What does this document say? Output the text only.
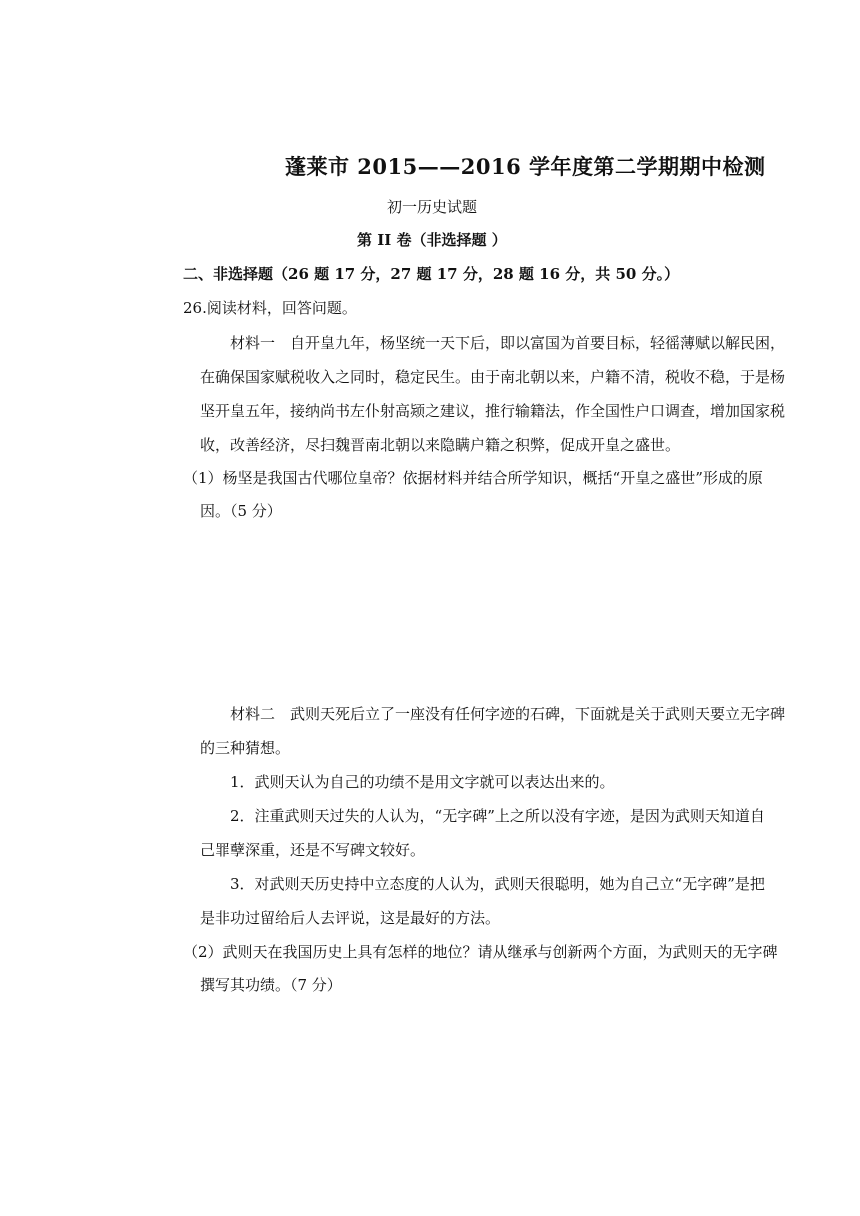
蓬莱市 2015——2016 学年度第二学期期中检测
初一历史试题
第 II 卷（非选择题 ）
二、非选择题（26 题 17 分，27 题 17 分，28 题 16 分，共 50 分。）
26.阅读材料，回答问题。
材料一　自开皇九年，杨坚统一天下后，即以富国为首要目标，轻徭薄赋以解民困，
在确保国家赋税收入之同时，稳定民生。由于南北朝以来，户籍不清，税收不稳，于是杨
坚开皇五年，接纳尚书左仆射高颎之建议，推行输籍法，作全国性户口调查，增加国家税
收，改善经济，尽扫魏晋南北朝以来隐瞒户籍之积弊，促成开皇之盛世。
（1）杨坚是我国古代哪位皇帝？依据材料并结合所学知识，概括“开皇之盛世”形成的原
因。（5 分）
材料二　武则天死后立了一座没有任何字迹的石碑，下面就是关于武则天要立无字碑
的三种猜想。
1．武则天认为自己的功绩不是用文字就可以表达出来的。
2．注重武则天过失的人认为，“无字碑”上之所以没有字迹，是因为武则天知道自
己罪孽深重，还是不写碑文较好。
3．对武则天历史持中立态度的人认为，武则天很聪明，她为自己立“无字碑”是把
是非功过留给后人去评说，这是最好的方法。
（2）武则天在我国历史上具有怎样的地位？请从继承与创新两个方面，为武则天的无字碑
撰写其功绩。（7 分）
